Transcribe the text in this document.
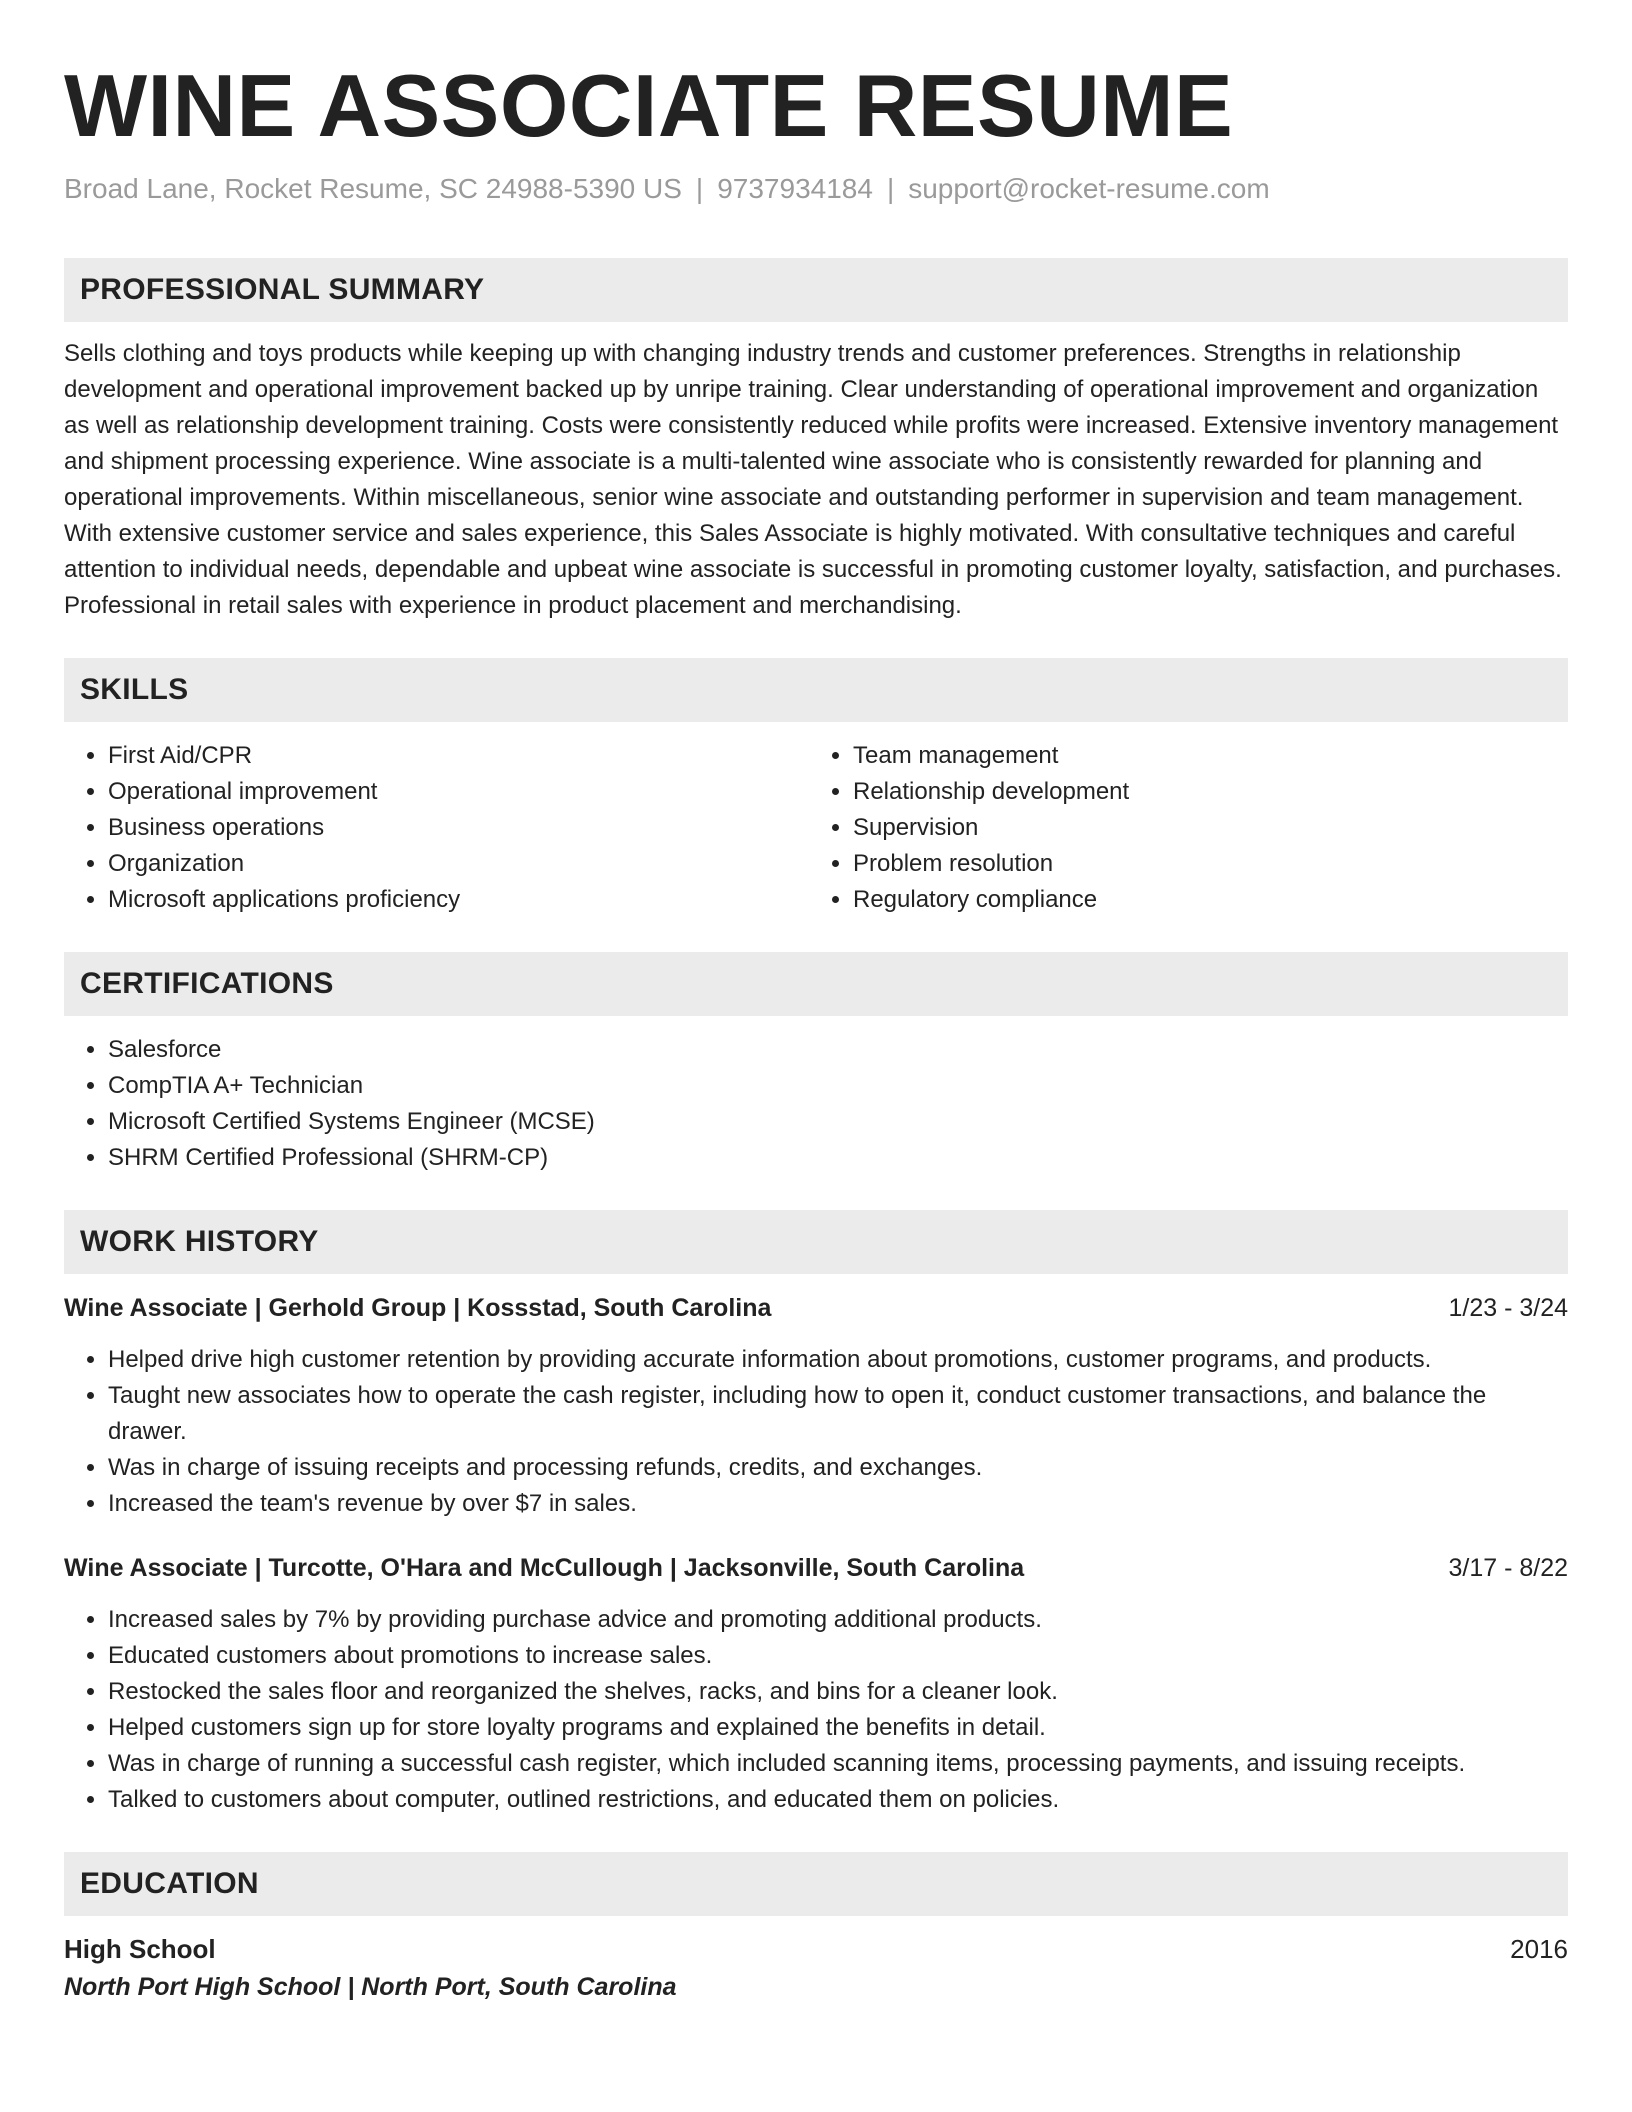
WINE ASSOCIATE RESUME
Broad Lane, Rocket Resume, SC 24988-5390 US | 9737934184 | support@rocket-resume.com
PROFESSIONAL SUMMARY
Sells clothing and toys products while keeping up with changing industry trends and customer preferences. Strengths in relationship development and operational improvement backed up by unripe training. Clear understanding of operational improvement and organization as well as relationship development training. Costs were consistently reduced while profits were increased. Extensive inventory management and shipment processing experience. Wine associate is a multi-talented wine associate who is consistently rewarded for planning and operational improvements. Within miscellaneous, senior wine associate and outstanding performer in supervision and team management. With extensive customer service and sales experience, this Sales Associate is highly motivated. With consultative techniques and careful attention to individual needs, dependable and upbeat wine associate is successful in promoting customer loyalty, satisfaction, and purchases. Professional in retail sales with experience in product placement and merchandising.
SKILLS
• First Aid/CPR
• Operational improvement
• Business operations
• Organization
• Microsoft applications proficiency
• Team management
• Relationship development
• Supervision
• Problem resolution
• Regulatory compliance
CERTIFICATIONS
• Salesforce
• CompTIA A+ Technician
• Microsoft Certified Systems Engineer (MCSE)
• SHRM Certified Professional (SHRM-CP)
WORK HISTORY
Wine Associate | Gerhold Group | Kossstad, South Carolina	1/23 - 3/24
• Helped drive high customer retention by providing accurate information about promotions, customer programs, and products.
• Taught new associates how to operate the cash register, including how to open it, conduct customer transactions, and balance the drawer.
• Was in charge of issuing receipts and processing refunds, credits, and exchanges.
• Increased the team's revenue by over $7 in sales.
Wine Associate | Turcotte, O'Hara and McCullough | Jacksonville, South Carolina	3/17 - 8/22
• Increased sales by 7% by providing purchase advice and promoting additional products.
• Educated customers about promotions to increase sales.
• Restocked the sales floor and reorganized the shelves, racks, and bins for a cleaner look.
• Helped customers sign up for store loyalty programs and explained the benefits in detail.
• Was in charge of running a successful cash register, which included scanning items, processing payments, and issuing receipts.
• Talked to customers about computer, outlined restrictions, and educated them on policies.
EDUCATION
High School	2016
North Port High School | North Port, South Carolina
